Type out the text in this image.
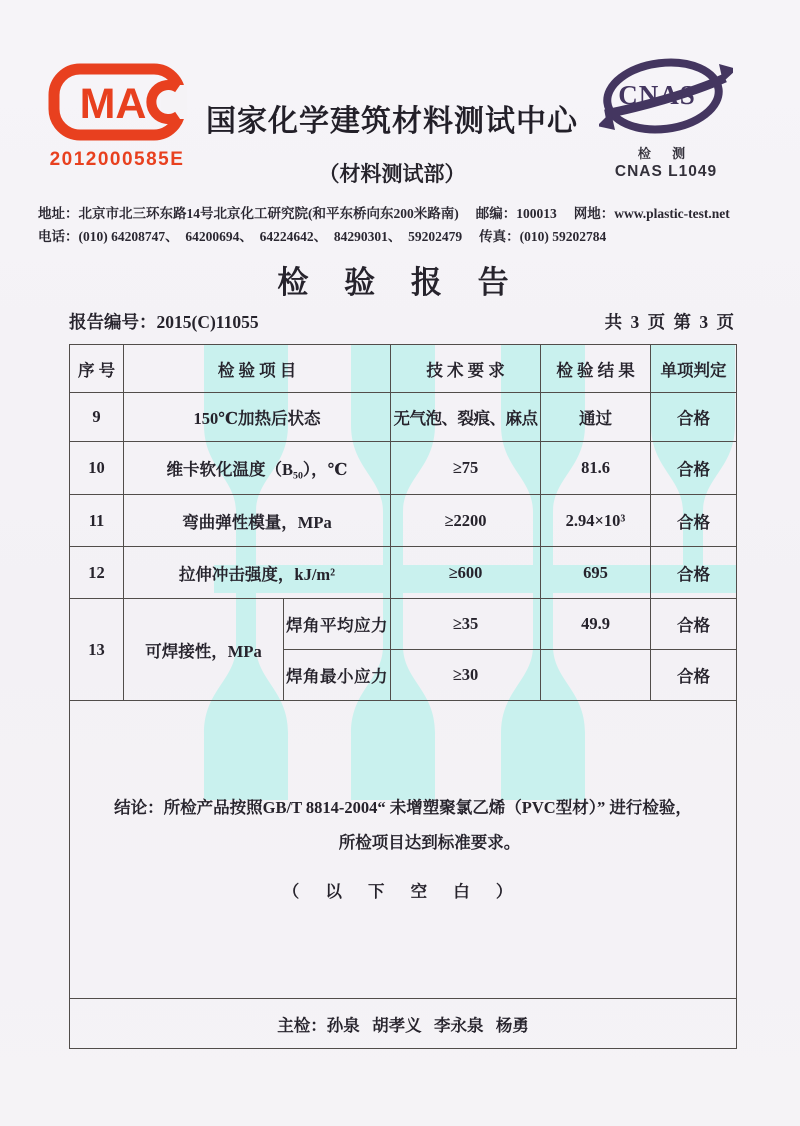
MA
2012000585E
国家化学建筑材料测试中心
（材料测试部）
CNAS
检 测
CNAS L1049
地址：北京市北三环东路14号北京化工研究院(和平东桥向东200米路南) 邮编：100013 网地：www.plastic-test.net
电话：(010) 64208747、  64200694、  64224642、  84290301、  59202479 传真：(010) 59202784
检 验 报 告
报告编号：2015(C)11055	共 3 页 第 3 页
序 号	检 验 项 目		技 术 要 求	检 验 结 果	单项判定
9	150℃加热后状态		无气泡、裂痕、麻点	通过	合格
10	维卡软化温度（B₅₀），℃		≥75	81.6	合格
11	弯曲弹性模量，MPa		≥2200	2.94×10³	合格
12	拉伸冲击强度，kJ/m²		≥600	695	合格
13	可焊接性，MPa	焊角平均应力	≥35	49.9	合格
		焊角最小应力	≥30		合格

结论：所检产品按照GB/T 8814-2004“ 未增塑聚氯乙烯（PVC型材）” 进行检验，
所检项目达到标准要求。
（ 以 下 空 白 ）					

主检：孙泉   胡孝义   李永泉   杨勇					
